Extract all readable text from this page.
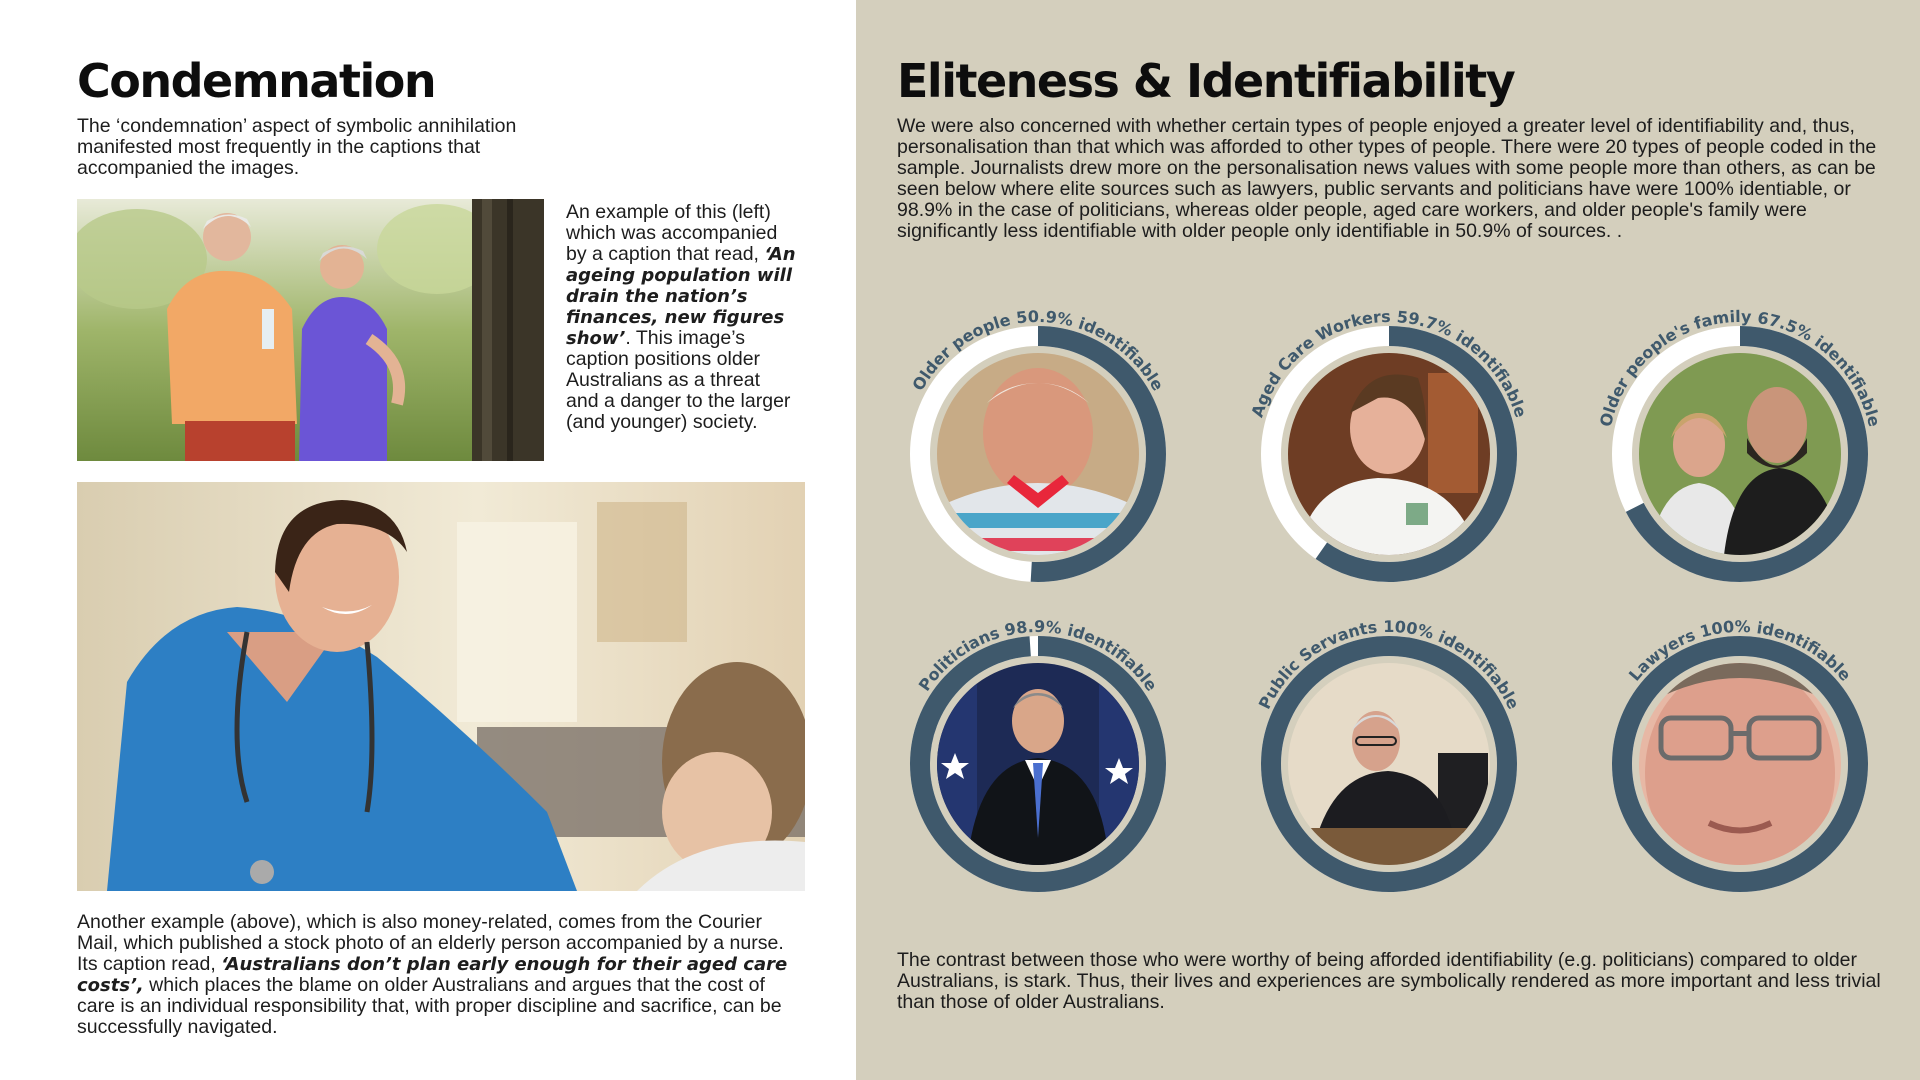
Condemnation

The ‘condemnation’ aspect of symbolic annihilation manifested most frequently in the captions that accompanied the images.

An example of this (left) which was accompanied by a caption that read, ‘An ageing population will drain the nation’s finances, new figures show’. This image’s caption positions older Australians as a threat and a danger to the larger (and younger) society.

Another example (above), which is also money-related, comes from the Courier Mail, which published a stock photo of an elderly person accompanied by a nurse. Its caption read, ‘Australians don’t plan early enough for their aged care costs’, which places the blame on older Australians and argues that the cost of care is an individual responsibility that, with proper discipline and sacrifice, can be successfully navigated.

Eliteness & Identifiability

We were also concerned with whether certain types of people enjoyed a greater level of identifiability and, thus, personalisation than that which was afforded to other types of people. There were 20 types of people coded in the sample. Journalists drew more on the personalisation news values with some people more than others, as can be seen below where elite sources such as lawyers, public servants and politicians have were 100% identiable, or 98.9% in the case of politicians, whereas older people, aged care workers, and older people's family were significantly less identifiable with older people only identifiable in 50.9% of sources. .

Older people 50.9% identifiable
Aged Care Workers 59.7% identifiable	Older people's family 67.5% identifiable
Politicians 98.9% identifiable
Public Servants 100% identifiable
Lawyers 100% identifiable

The contrast between those who were worthy of being afforded identifiability (e.g. politicians) compared to older Australians, is stark. Thus, their lives and experiences are symbolically rendered as more important and less trivial than those of older Australians.
